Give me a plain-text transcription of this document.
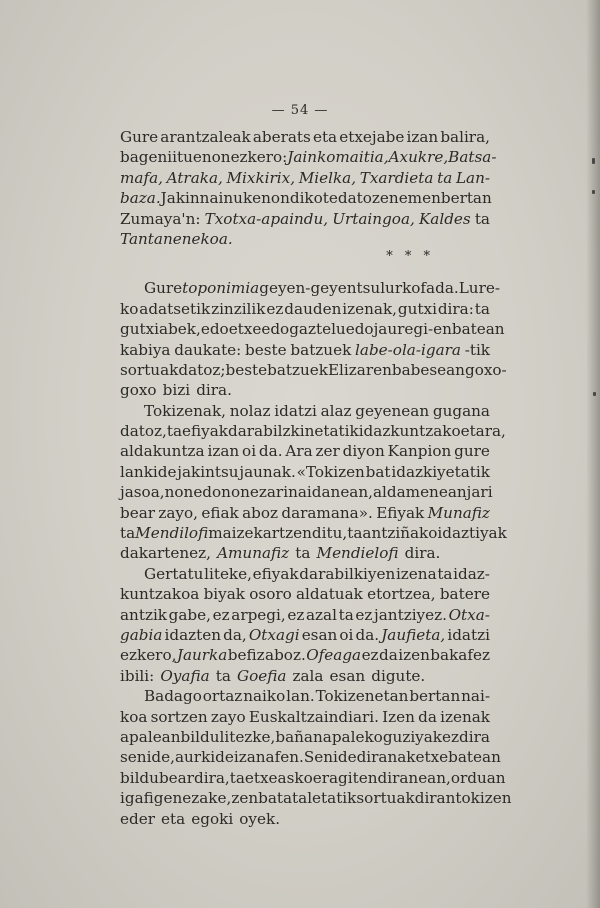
— 54 —
Gure arantzaleak aberats eta etxejabe izan balira,
bageniituen onezkero: Jainkomaitia, Axukre, Batsa-
mafa, Atraka, Mixkirix, Mielka, Txardieta ta Lan-
baza. Jakin nai nuke nondik ote datozen emen bertan
Zumaya'n: Txotxa-apaindu, Urtaingoa, Kaldes ta
Tantanenekoa.
* * *
Gure toponimia geyen-geyentsu lurkofa da. Lure-
ko adatsetik zinzilik ez dauden izenak, gutxi dira: ta
gutxi abek, edo etxe edo gaztelu edo jauregi-en batean
kabiya daukate: beste batzuek labe-ola-igara -tik
sortuak datoz; beste batzuek Elizaren babesean goxo-
goxo bizi dira.
Tokizenak, nolaz idatzi alaz geyenean gugana
datoz, ta efiyak darabilzkinetatik idazkuntzakoetara,
aldakuntza izan oi da. Ara zer diyon Kanpion gure
lankide jakintsu jaunak. «Tokizen bat idazkiyetatik
jasoa, non edo non ezari nai danean, aldamenean jari
bear zayo, efiak aboz daramana». Efiyak Munafiz
ta Mendilofi maiz ekartzen ditu, ta antziñako idaztiyak
dakartenez, Amunafiz ta Mendielofi dira.
Gertatu liteke, efiyak darabilkiyen izena ta idaz-
kuntzakoa biyak osoro aldatuak etortzea, batere
antzik gabe, ez arpegi, ez azal ta ez jantziyez. Otxa-
gabia idazten da, Otxagi esan oi da. Jaufieta, idatzi
ezkero, Jaurka befiz aboz. Ofeaga ez da izen bakafez
ibili: Oyafia ta Goefia zala esan digute.
Badago ortaz naiko lan. Tokizenetan bertan nai-
koa sortzen zayo Euskaltzaindiari. Izen da izenak
apalean bildu litezke, bañan apaleko guziyak ez dira
senide, aurkide izanafen. Senide diranak etxe batean
bildu bear dira, ta etxe asko eragiten diranean, orduan
igafi genezake, zenbat ataletatik sortuak diran tokizen
eder eta egoki oyek.
